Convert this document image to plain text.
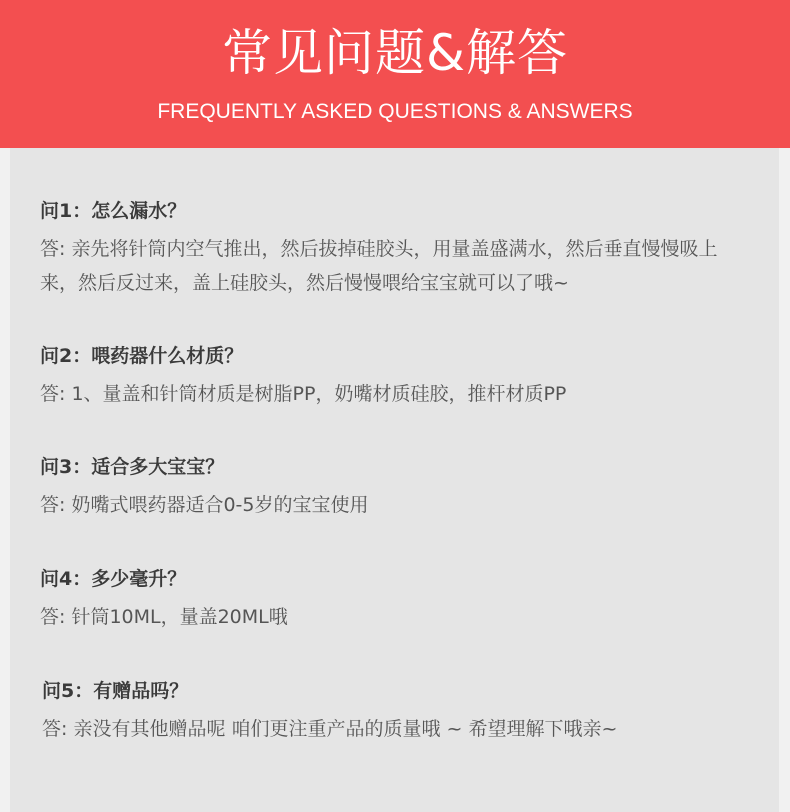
常见问题&解答
FREQUENTLY ASKED QUESTIONS & ANSWERS
问1：怎么漏水？
答: 亲先将针筒内空气推出，然后拔掉硅胶头，用量盖盛满水，然后垂直慢慢吸上来，然后反过来，盖上硅胶头，然后慢慢喂给宝宝就可以了哦~
问2：喂药器什么材质？
答: 1、量盖和针筒材质是树脂PP，奶嘴材质硅胶，推杆材质PP
问3：适合多大宝宝？
答: 奶嘴式喂药器适合0-5岁的宝宝使用
问4：多少毫升？
答: 针筒10ML，量盖20ML哦
问5：有赠品吗？
答: 亲没有其他赠品呢 咱们更注重产品的质量哦 ~ 希望理解下哦亲~
